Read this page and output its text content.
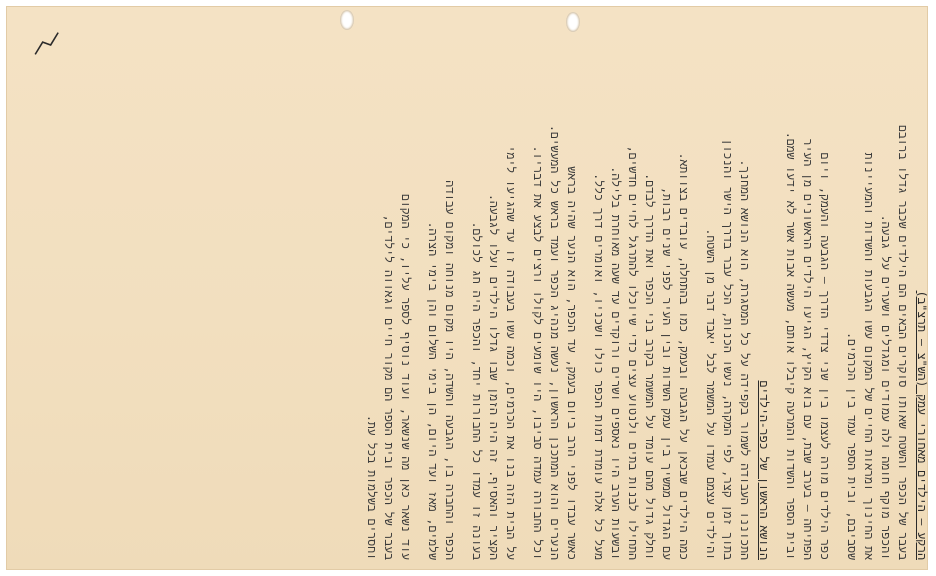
הרקע – הילדים מאחורי עמק (הש"צ – תרצ"ב)
בעבר של הכפר והשטח שאותו סוקרים הבאים הם הילדים שכבר גדלו ברובם
והכפר מוקף חומה ולה עמודים ומגדלים ושערים על גבעה.
את החינוך ומראות החיים של המקום עשו הגבעות והשדות והמעיינות
שסביבם, ובית הספר עמד בין הכרמים.
כפר הילדים מורה לעצמו בין שני צדדי הדרך – הגבעה והעמק, ויום
הפתיחה – בערב שבת, עם בוא הקיץ, הגיעו הילדים הראשונים מן העיר
ובית הספר והשדות והמרעה קיבלו אותם, מעשה אבות אשר לא ידעו שמם.
הנושא הראשון של כפר-הילדים
התכוננו העבודה לשמור בקפידה על כל המסגרת, הוא הנושא המחנך.
בתוך זמן קצר, לפי המקרה, נעשו הכנות, הכל עבר בדרך הישר והנכון
והילדים עצמם עמדו על המשמר לבל יאבד דבר מן השטח.
כמה הילדים שבכאן על הגבעה ובעמק, כמו בהתחלה, עובדים בצוותא.
עם הגדול ממשיך בין עמק השדות ובין העיר לפני שנים רבות,
וחלק גדול מהם עומד על המשמר בקרב בני הכפר ואת הדרך לבדם.
התחילו לבנות בתים ולנטוע עצים כדי שיוכלו להתרגל לחיים חדשים,
ובשעות הערב היו נאספים ושרים ורוקדים עד שעה מאוחרת בלילה.
מעל כל אלה עומדת דמות הכפר כולו ושכניו, ואומרים דרך כלל.
כאשר עבדו לפני הרב ביום בעמק, עד הכפר, הוא הנער שהיה בראש
הנערים והוא המתכנן הראשון, נעשה מנהיג הכפר ועמד בראש כל המעשים.
וכל החבורה עמדה סביבו, היו שומעים לקולו ורצים לבצע את דבריו.
על הבית הזה בנו את הכרמים, וכמה עשו בעבודה זו עד שהגיעו לימי
הקציר והאסיף. זה היה הזמן שבו גדלו הילדים ועלו לגבעה.
בעונה זו עמדו כל החבורות יחד, והכפר היה חג לכולם.
הכפר והחברה בו, הגבעה והשדה, היו מקום מנוחה ומקום עבודה
שלמים, מאז ועד היום, הן בימי השלום והן בימי הצרה.
עוד נשאר כאן מה שנשאר, ועוד נוסיף לספר עליו, כי המקום
בעבר של הכפר ובית הספר הם מקור חיים וגאווה לילדים,
וחסרים בשלמות בכל עת.
